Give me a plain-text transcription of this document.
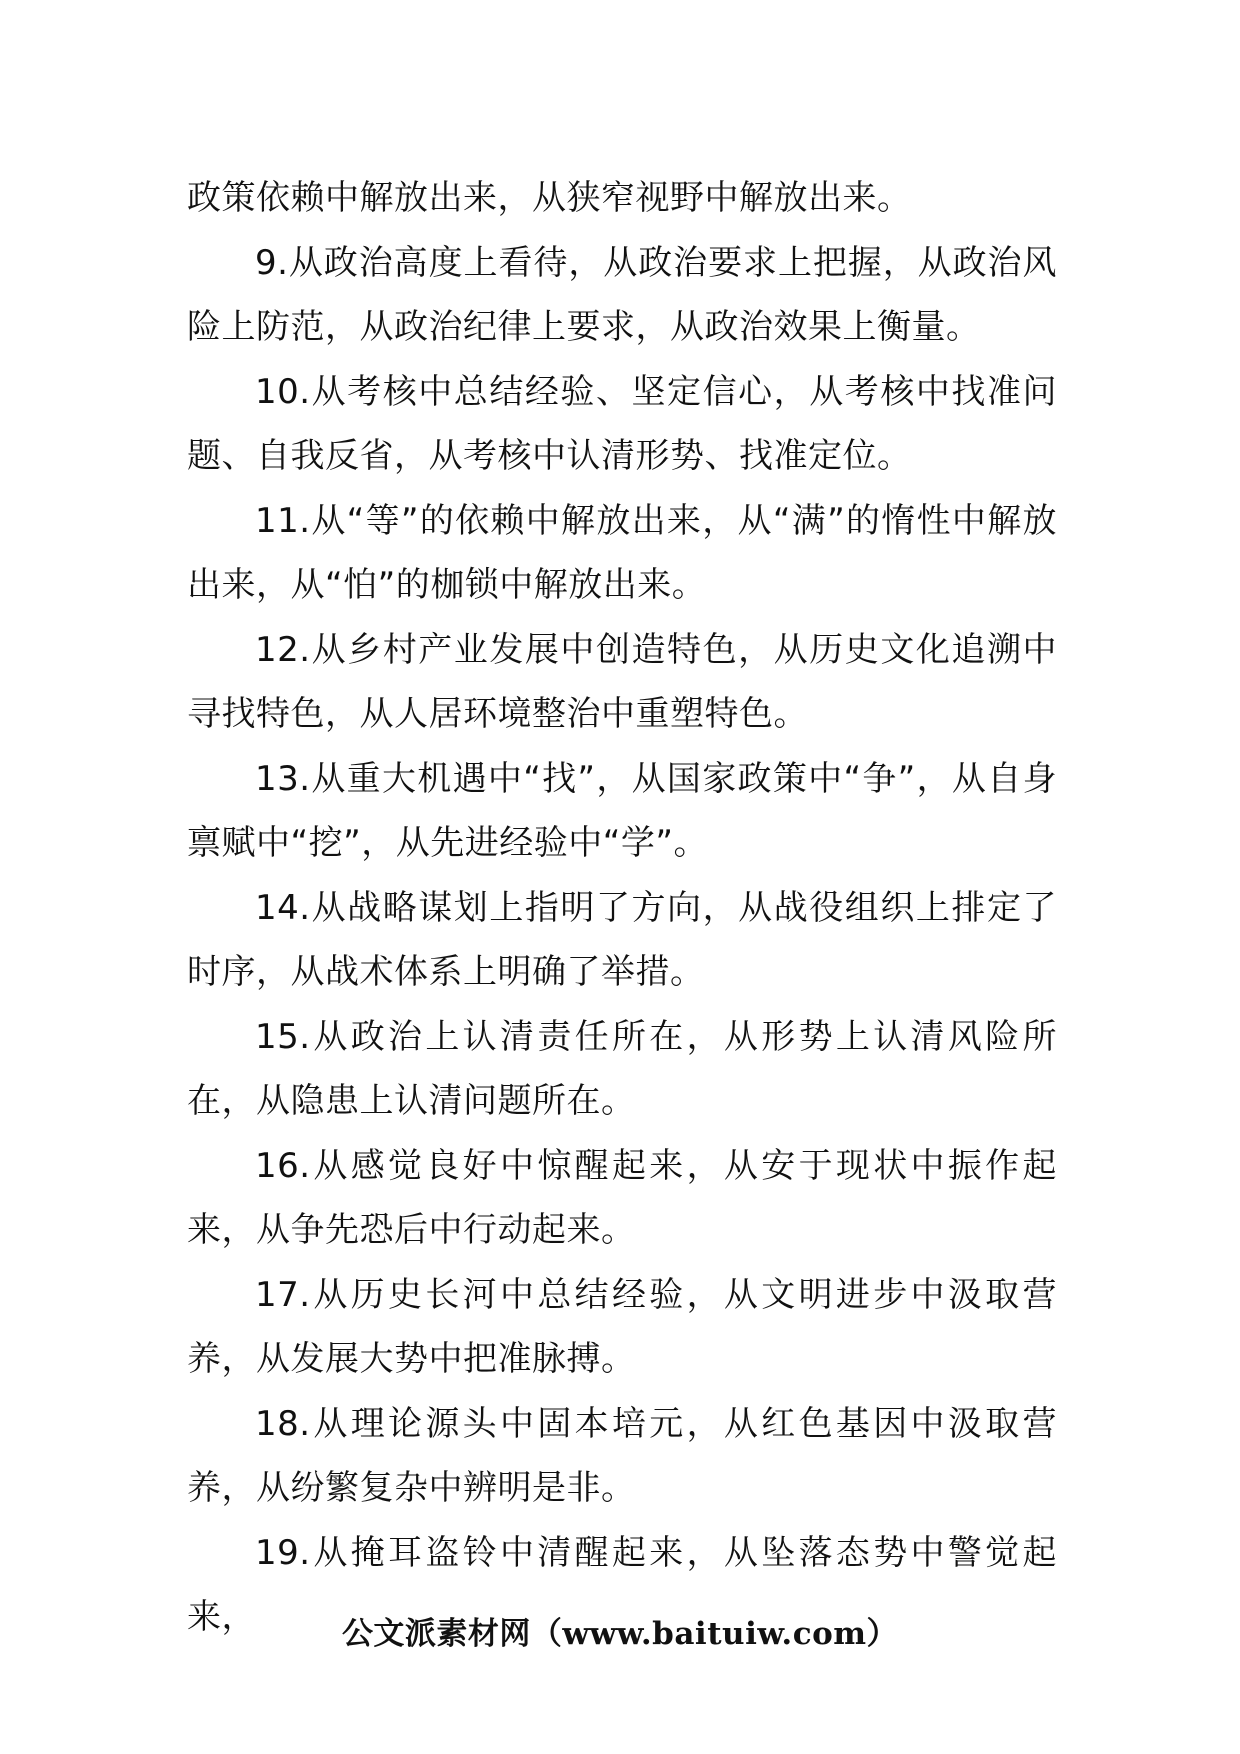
政策依赖中解放出来，从狭窄视野中解放出来。

9.从政治高度上看待，从政治要求上把握，从政治风险上防范，从政治纪律上要求，从政治效果上衡量。

10.从考核中总结经验、坚定信心，从考核中找准问题、自我反省，从考核中认清形势、找准定位。

11.从“等”的依赖中解放出来，从“满”的惰性中解放出来，从“怕”的枷锁中解放出来。

12.从乡村产业发展中创造特色，从历史文化追溯中寻找特色，从人居环境整治中重塑特色。

13.从重大机遇中“找”，从国家政策中“争”，从自身禀赋中“挖”，从先进经验中“学”。

14.从战略谋划上指明了方向，从战役组织上排定了时序，从战术体系上明确了举措。

15.从政治上认清责任所在，从形势上认清风险所在，从隐患上认清问题所在。

16.从感觉良好中惊醒起来，从安于现状中振作起来，从争先恐后中行动起来。

17.从历史长河中总结经验，从文明进步中汲取营养，从发展大势中把准脉搏。

18.从理论源头中固本培元，从红色基因中汲取营养，从纷繁复杂中辨明是非。

19.从掩耳盗铃中清醒起来，从坠落态势中警觉起来，	公文派素材网（www.baituiw.com）
